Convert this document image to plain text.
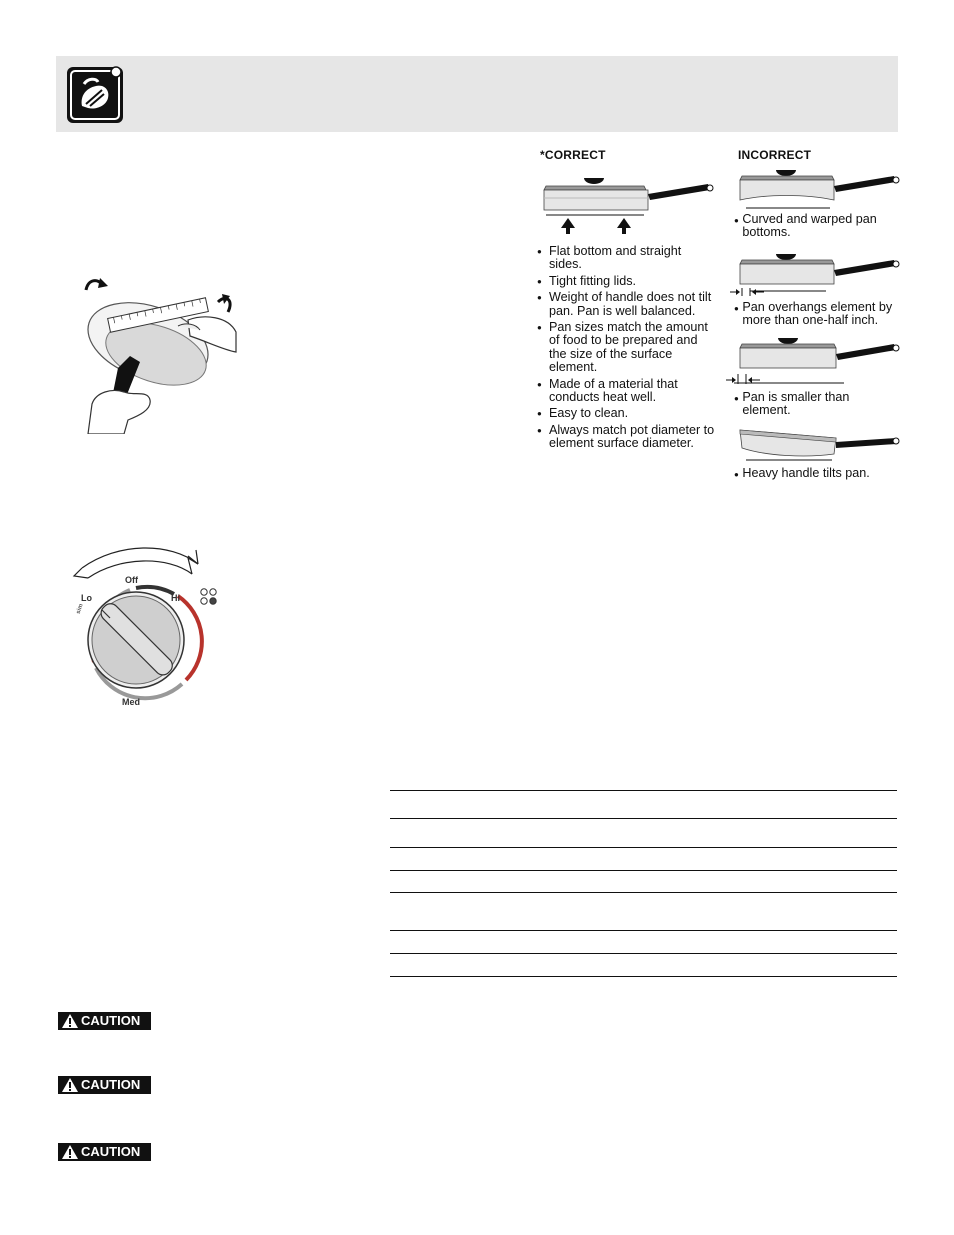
Off
Lo	Hi
Med
sim
*CORRECT
● Flat bottom and straight sides.
● Tight fitting lids.
● Weight of handle does not tilt pan. Pan is well balanced.
● Pan sizes match the amount of food to be prepared and the size of the surface element.
● Made of a material that conducts heat well.
● Easy to clean.
● Always match pot diameter to element surface diameter.
INCORRECT
● Curved and warped pan bottoms.
● Pan overhangs element by more than one-half inch.
● Pan is smaller than element.
● Heavy handle tilts pan.
CAUTION
CAUTION
CAUTION
